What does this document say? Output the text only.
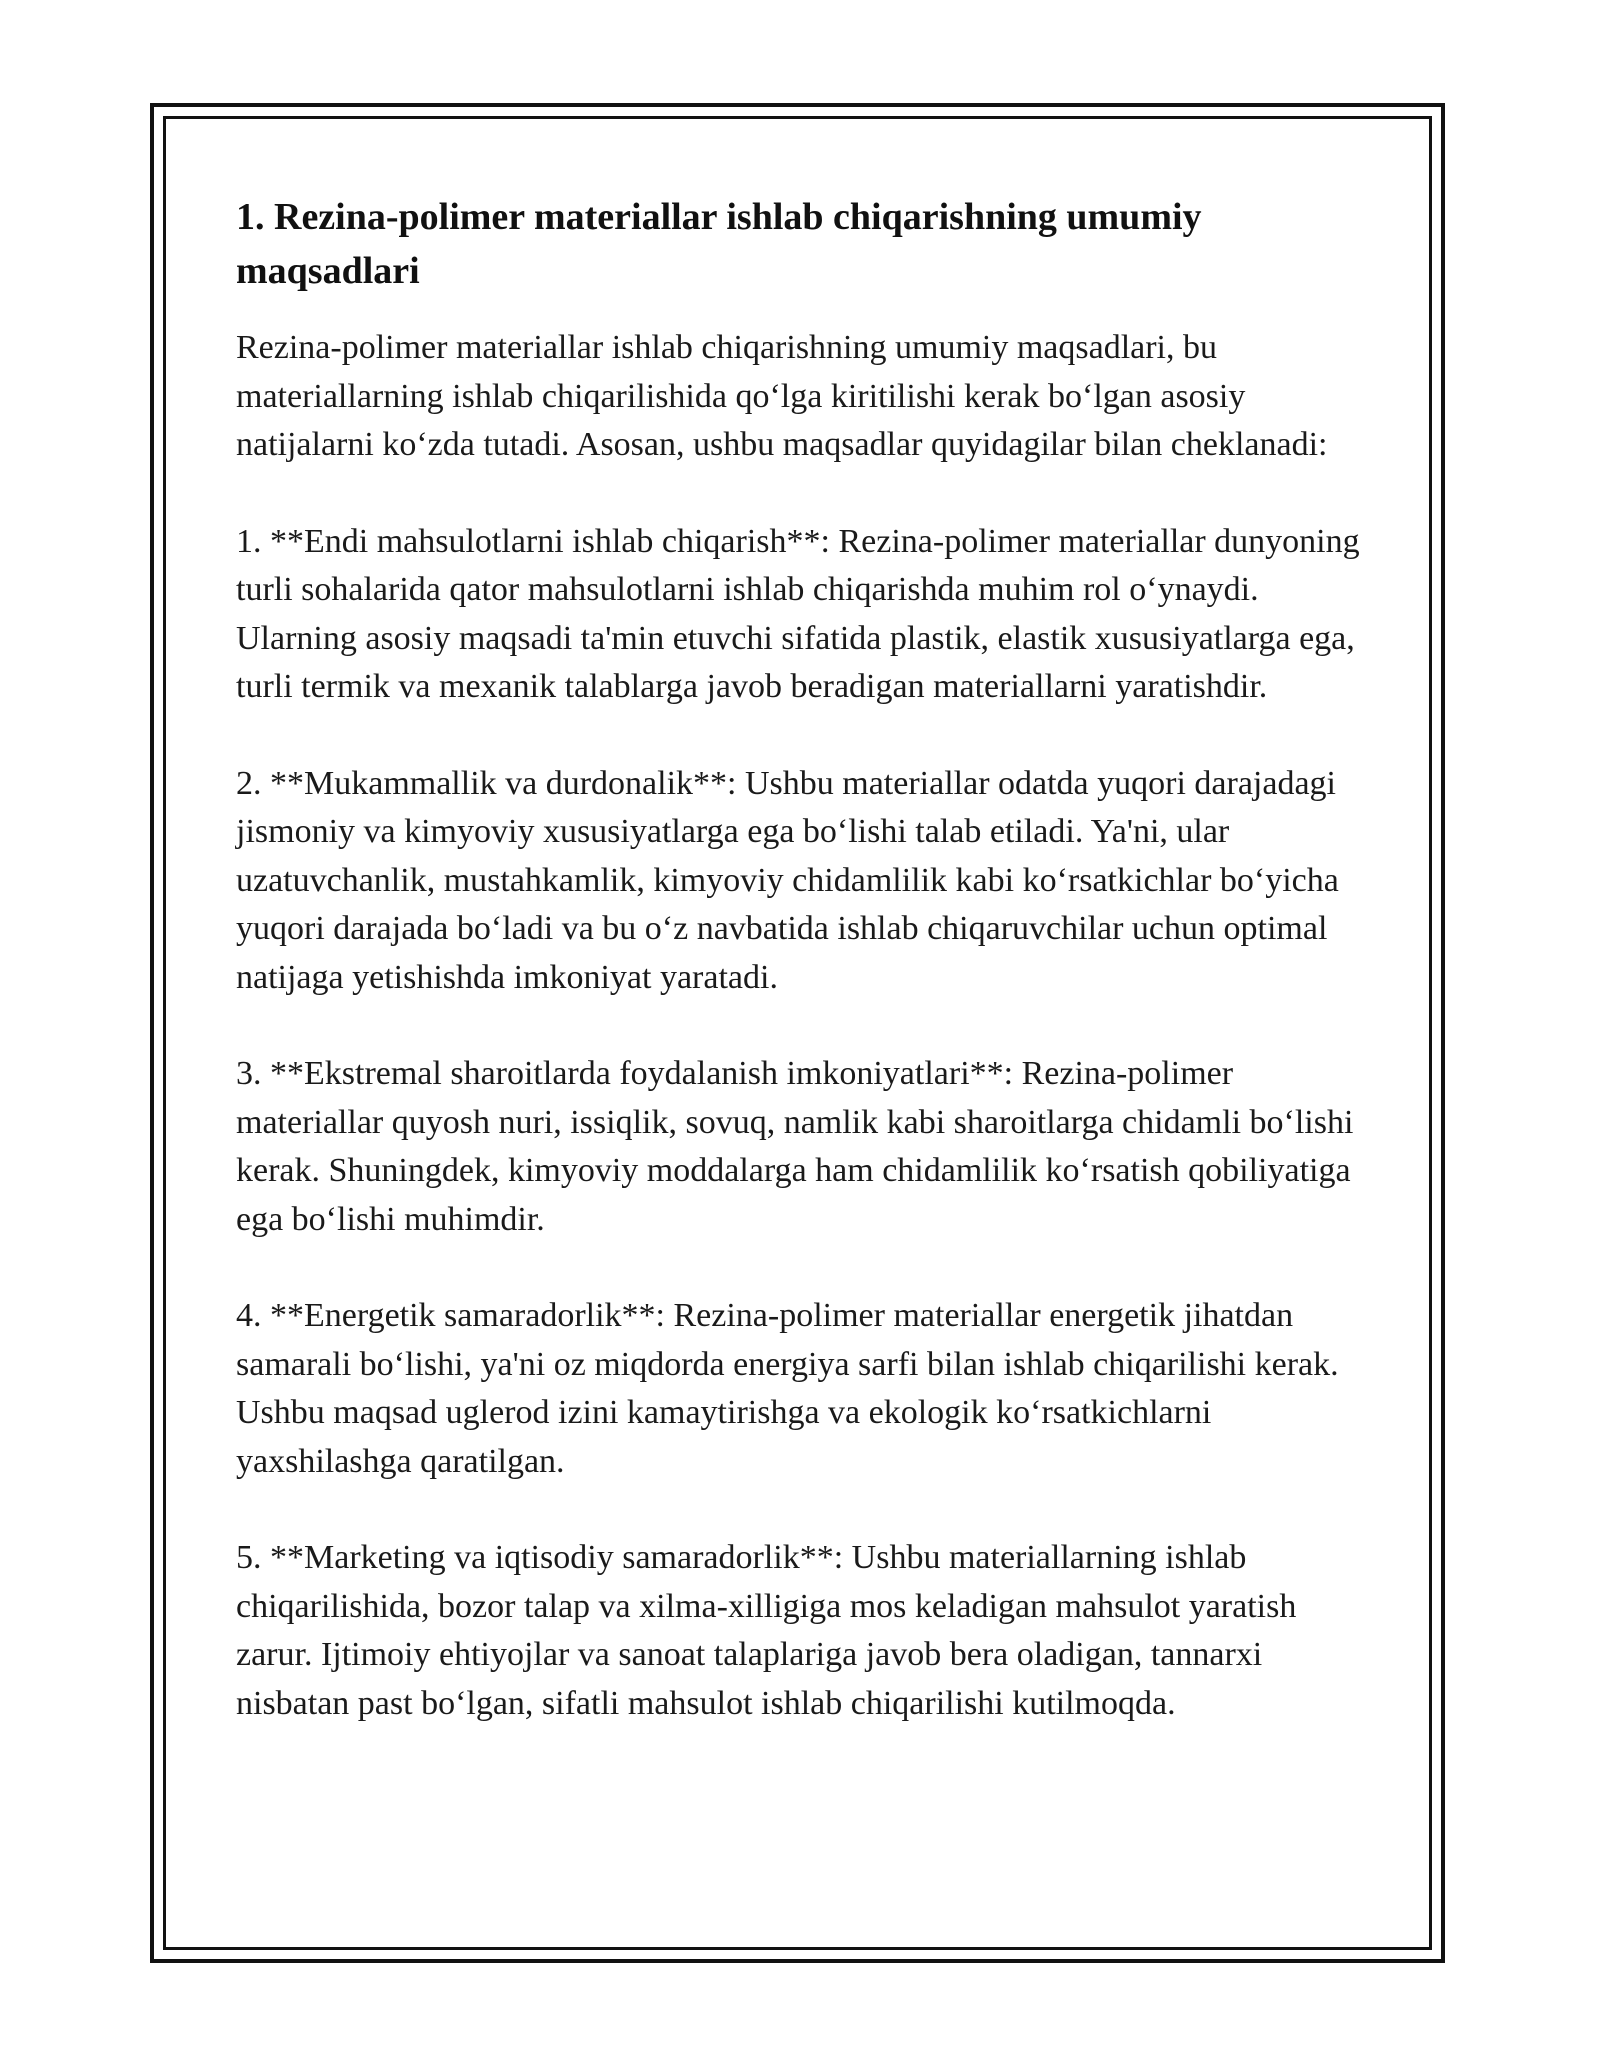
1. Rezina-polimer materiallar ishlab chiqarishning umumiy maqsadlari

Rezina-polimer materiallar ishlab chiqarishning umumiy maqsadlari, bu materiallarning ishlab chiqarilishida qo‘lga kiritilishi kerak bo‘lgan asosiy natijalarni ko‘zda tutadi. Asosan, ushbu maqsadlar quyidagilar bilan cheklanadi:

1. **Endi mahsulotlarni ishlab chiqarish**: Rezina-polimer materiallar dunyoning turli sohalarida qator mahsulotlarni ishlab chiqarishda muhim rol o‘ynaydi. Ularning asosiy maqsadi ta'min etuvchi sifatida plastik, elastik xususiyatlarga ega, turli termik va mexanik talablarga javob beradigan materiallarni yaratishdir.

2. **Mukammallik va durdonalik**: Ushbu materiallar odatda yuqori darajadagi jismoniy va kimyoviy xususiyatlarga ega bo‘lishi talab etiladi. Ya'ni, ular uzatuvchanlik, mustahkamlik, kimyoviy chidamlilik kabi ko‘rsatkichlar bo‘yicha yuqori darajada bo‘ladi va bu o‘z navbatida ishlab chiqaruvchilar uchun optimal natijaga yetishishda imkoniyat yaratadi.

3. **Ekstremal sharoitlarda foydalanish imkoniyatlari**: Rezina-polimer materiallar quyosh nuri, issiqlik, sovuq, namlik kabi sharoitlarga chidamli bo‘lishi kerak. Shuningdek, kimyoviy moddalarga ham chidamlilik ko‘rsatish qobiliyatiga ega bo‘lishi muhimdir.

4. **Energetik samaradorlik**: Rezina-polimer materiallar energetik jihatdan samarali bo‘lishi, ya'ni oz miqdorda energiya sarfi bilan ishlab chiqarilishi kerak. Ushbu maqsad uglerod izini kamaytirishga va ekologik ko‘rsatkichlarni yaxshilashga qaratilgan.

5. **Marketing va iqtisodiy samaradorlik**: Ushbu materiallarning ishlab chiqarilishida, bozor talap va xilma-xilligiga mos keladigan mahsulot yaratish zarur. Ijtimoiy ehtiyojlar va sanoat talaplariga javob bera oladigan, tannarxi nisbatan past bo‘lgan, sifatli mahsulot ishlab chiqarilishi kutilmoqda.
